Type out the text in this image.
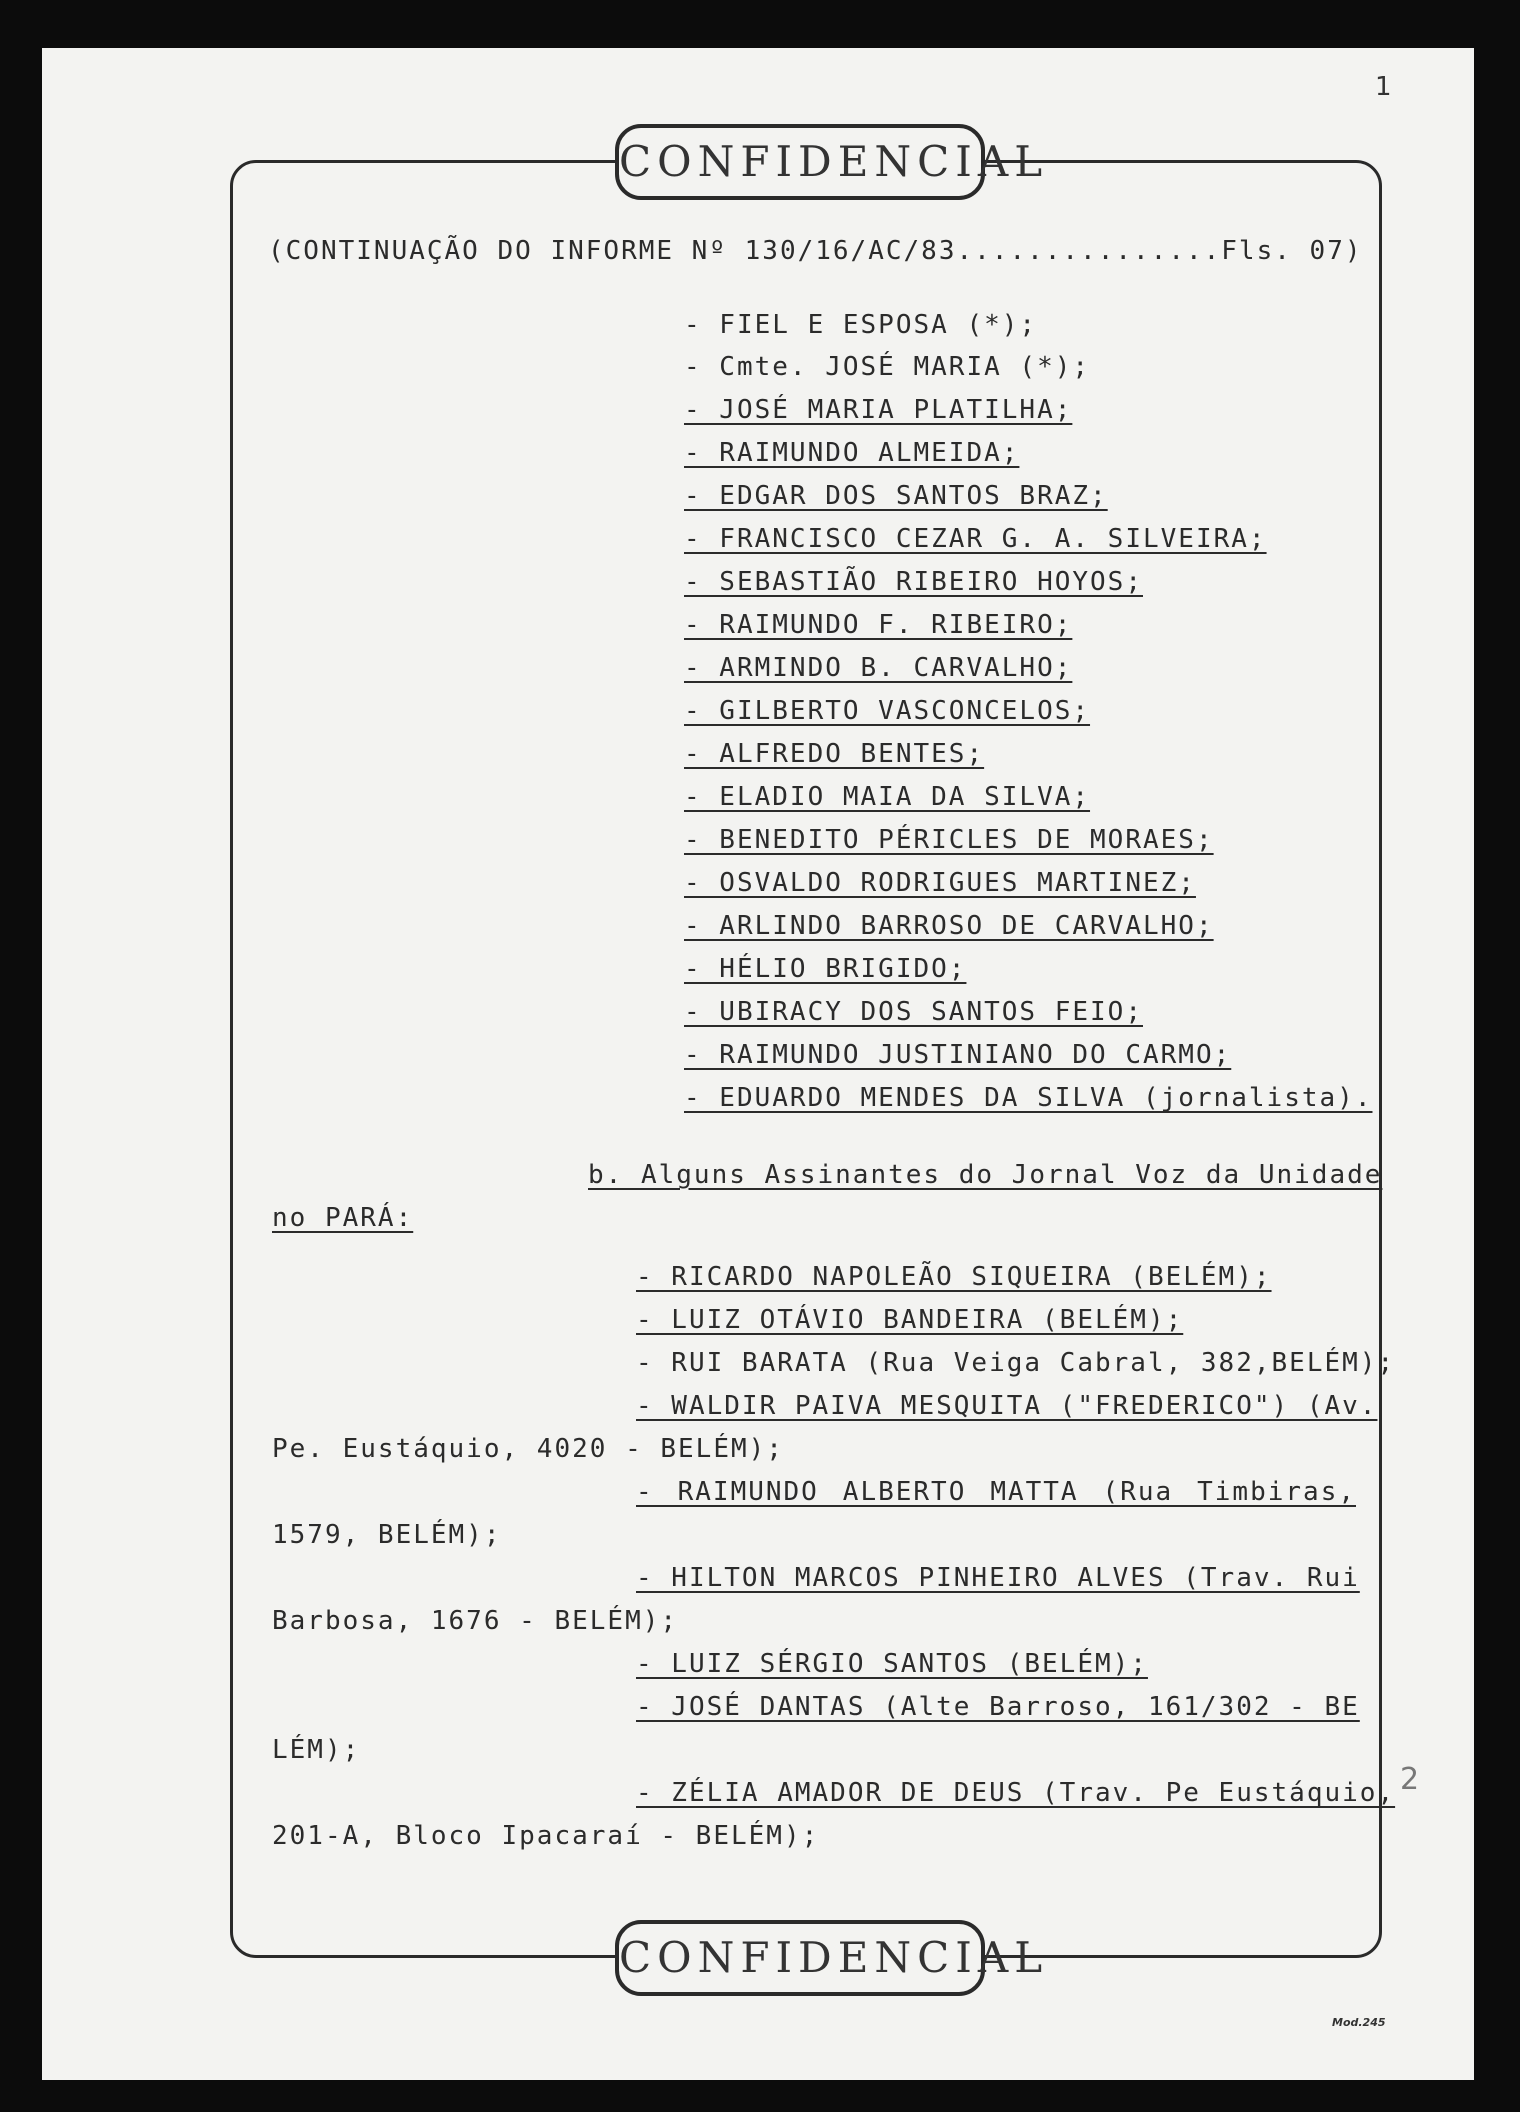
1
CONFIDENCIAL
(CONTINUAÇÃO DO INFORME Nº 130/16/AC/83...............Fls. 07)
- FIEL E ESPOSA (*);
- Cmte. JOSÉ MARIA (*);
- JOSÉ MARIA PLATILHA;
- RAIMUNDO ALMEIDA;
- EDGAR DOS SANTOS BRAZ;
- FRANCISCO CEZAR G. A. SILVEIRA;
- SEBASTIÃO RIBEIRO HOYOS;
- RAIMUNDO F. RIBEIRO;
- ARMINDO B. CARVALHO;
- GILBERTO VASCONCELOS;
- ALFREDO BENTES;
- ELADIO MAIA DA SILVA;
- BENEDITO PÉRICLES DE MORAES;
- OSVALDO RODRIGUES MARTINEZ;
- ARLINDO BARROSO DE CARVALHO;
- HÉLIO BRIGIDO;
- UBIRACY DOS SANTOS FEIO;
- RAIMUNDO JUSTINIANO DO CARMO;
- EDUARDO MENDES DA SILVA (jornalista).
b. Alguns Assinantes do Jornal Voz da Unidade
no PARÁ:
- RICARDO NAPOLEÃO SIQUEIRA (BELÉM);
- LUIZ OTÁVIO BANDEIRA (BELÉM);
- RUI BARATA (Rua Veiga Cabral, 382,BELÉM);
- WALDIR PAIVA MESQUITA ("FREDERICO") (Av.
Pe. Eustáquio, 4020 - BELÉM);
- RAIMUNDO ALBERTO MATTA (Rua Timbiras,
1579, BELÉM);
- HILTON MARCOS PINHEIRO ALVES (Trav. Rui
Barbosa, 1676 - BELÉM);
- LUIZ SÉRGIO SANTOS (BELÉM);
- JOSÉ DANTAS (Alte Barroso, 161/302 - BE
LÉM);
- ZÉLIA AMADOR DE DEUS (Trav. Pe Eustáquio,
201-A, Bloco Ipacaraí - BELÉM);
2
CONFIDENCIAL
Mod.245
